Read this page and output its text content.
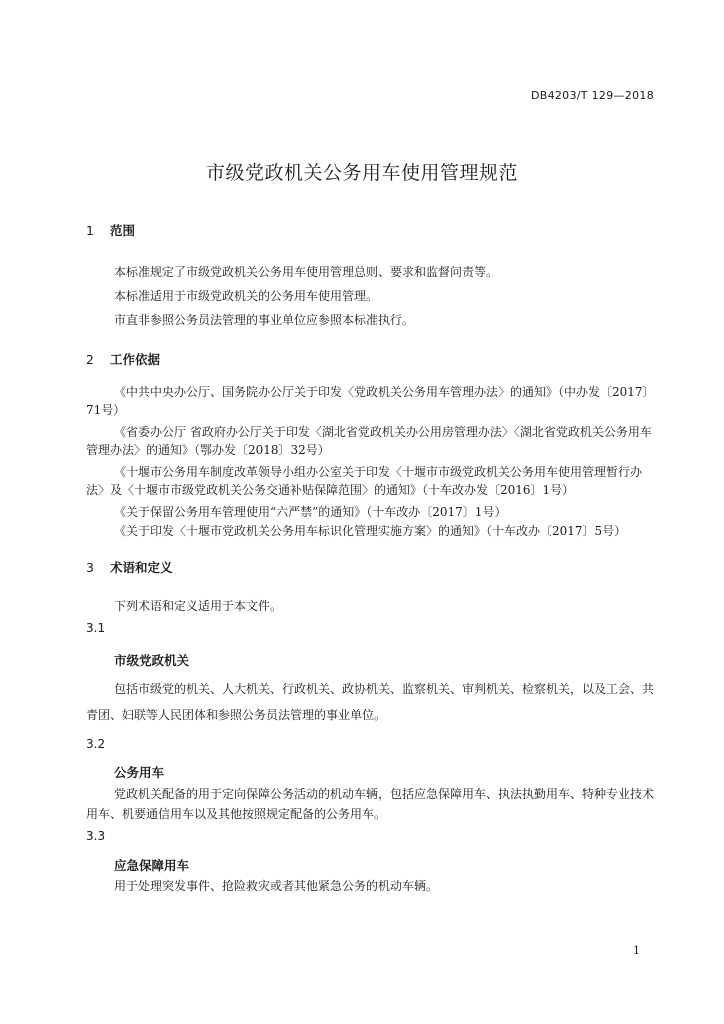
DB4203/T 129—2018
市级党政机关公务用车使用管理规范
1 范围
本标准规定了市级党政机关公务用车使用管理总则、要求和监督问责等。
本标准适用于市级党政机关的公务用车使用管理。
市直非参照公务员法管理的事业单位应参照本标准执行。
2 工作依据
《中共中央办公厅、国务院办公厅关于印发〈党政机关公务用车管理办法〉的通知》（中办发〔2017〕71号）
《省委办公厅 省政府办公厅关于印发〈湖北省党政机关办公用房管理办法〉〈湖北省党政机关公务用车管理办法〉的通知》（鄂办发〔2018〕32号）
《十堰市公务用车制度改革领导小组办公室关于印发〈十堰市市级党政机关公务用车使用管理暂行办法〉及〈十堰市市级党政机关公务交通补贴保障范围〉的通知》（十车改办发〔2016〕1号）
《关于保留公务用车管理使用“六严禁”的通知》（十车改办〔2017〕1号）
《关于印发〈十堰市党政机关公务用车标识化管理实施方案〉的通知》（十车改办〔2017〕5号）
3 术语和定义
下列术语和定义适用于本文件。
3.1
市级党政机关
包括市级党的机关、人大机关、行政机关、政协机关、监察机关、审判机关、检察机关，以及工会、共青团、妇联等人民团体和参照公务员法管理的事业单位。
3.2
公务用车
党政机关配备的用于定向保障公务活动的机动车辆，包括应急保障用车、执法执勤用车、特种专业技术用车、机要通信用车以及其他按照规定配备的公务用车。
3.3
应急保障用车
用于处理突发事件、抢险救灾或者其他紧急公务的机动车辆。
1
